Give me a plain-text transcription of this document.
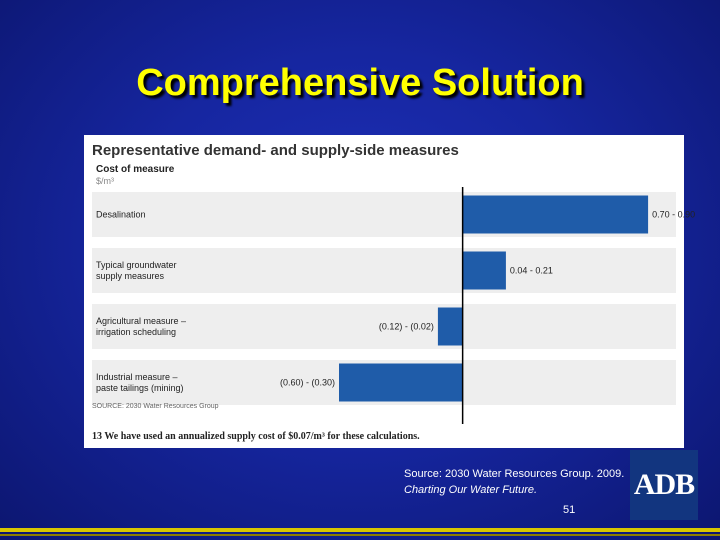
Comprehensive Solution
Representative demand- and supply-side measures
Cost of measure
$/m³
Desalination
Typical groundwater supply measures
Agricultural measure – irrigation scheduling
Industrial measure – paste tailings (mining)
0.70 - 0.90
0.04 - 0.21
(0.12) - (0.02)
(0.60) - (0.30)
SOURCE: 2030 Water Resources Group
13 We have used an annualized supply cost of $0.07/m³ for these calculations.
Source: 2030 Water Resources Group. 2009.
Charting Our Water Future.
51
ADB
